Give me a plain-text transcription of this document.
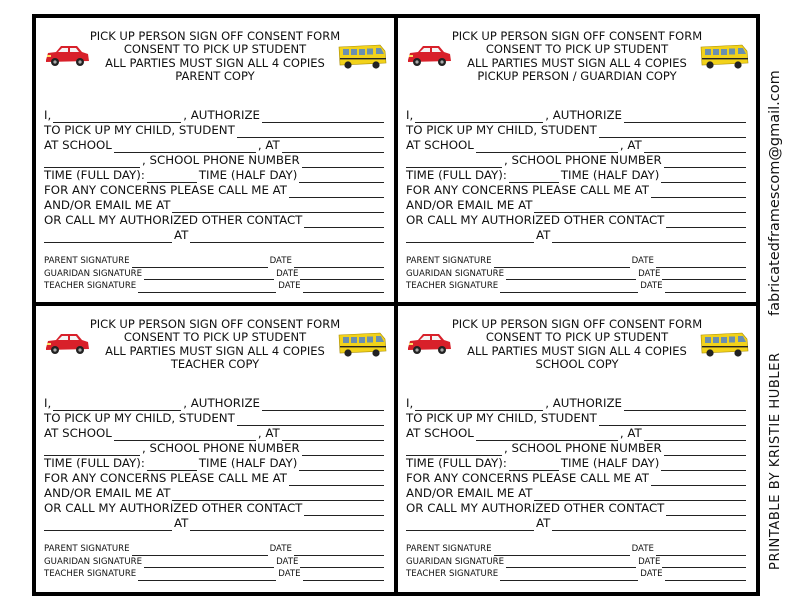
PICK UP PERSON SIGN OFF CONSENT FORM
CONSENT TO PICK UP STUDENT
ALL PARTIES MUST SIGN ALL 4 COPIES
PARENT COPY
I,	, AUTHORIZE
TO PICK UP MY CHILD, STUDENT
AT SCHOOL	, AT
, SCHOOL PHONE NUMBER
TIME (FULL DAY):	TIME (HALF DAY)
FOR ANY CONCERNS PLEASE CALL ME AT
AND/OR EMAIL ME AT
OR CALL MY AUTHORIZED OTHER CONTACT
AT
PARENT SIGNATURE	DATE
GUARIDAN SIGNATURE	DATE
TEACHER SIGNATURE	DATE
PICK UP PERSON SIGN OFF CONSENT FORM
CONSENT TO PICK UP STUDENT
ALL PARTIES MUST SIGN ALL 4 COPIES
PICKUP PERSON / GUARDIAN COPY
I,	, AUTHORIZE
TO PICK UP MY CHILD, STUDENT
AT SCHOOL	, AT
, SCHOOL PHONE NUMBER
TIME (FULL DAY):	TIME (HALF DAY)
FOR ANY CONCERNS PLEASE CALL ME AT
AND/OR EMAIL ME AT
OR CALL MY AUTHORIZED OTHER CONTACT
AT
PARENT SIGNATURE	DATE
GUARIDAN SIGNATURE	DATE
TEACHER SIGNATURE	DATE
PICK UP PERSON SIGN OFF CONSENT FORM
CONSENT TO PICK UP STUDENT
ALL PARTIES MUST SIGN ALL 4 COPIES
TEACHER COPY
I,	, AUTHORIZE
TO PICK UP MY CHILD, STUDENT
AT SCHOOL	, AT
, SCHOOL PHONE NUMBER
TIME (FULL DAY):	TIME (HALF DAY)
FOR ANY CONCERNS PLEASE CALL ME AT
AND/OR EMAIL ME AT
OR CALL MY AUTHORIZED OTHER CONTACT
AT
PARENT SIGNATURE	DATE
GUARIDAN SIGNATURE	DATE
TEACHER SIGNATURE	DATE
PICK UP PERSON SIGN OFF CONSENT FORM
CONSENT TO PICK UP STUDENT
ALL PARTIES MUST SIGN ALL 4 COPIES
SCHOOL COPY
I,	, AUTHORIZE
TO PICK UP MY CHILD, STUDENT
AT SCHOOL	, AT
, SCHOOL PHONE NUMBER
TIME (FULL DAY):	TIME (HALF DAY)
FOR ANY CONCERNS PLEASE CALL ME AT
AND/OR EMAIL ME AT
OR CALL MY AUTHORIZED OTHER CONTACT
AT
PARENT SIGNATURE	DATE
GUARIDAN SIGNATURE	DATE
TEACHER SIGNATURE	DATE
PRINTABLE BY KRISTIE HUBLER
fabricatedframescom@gmail.com
